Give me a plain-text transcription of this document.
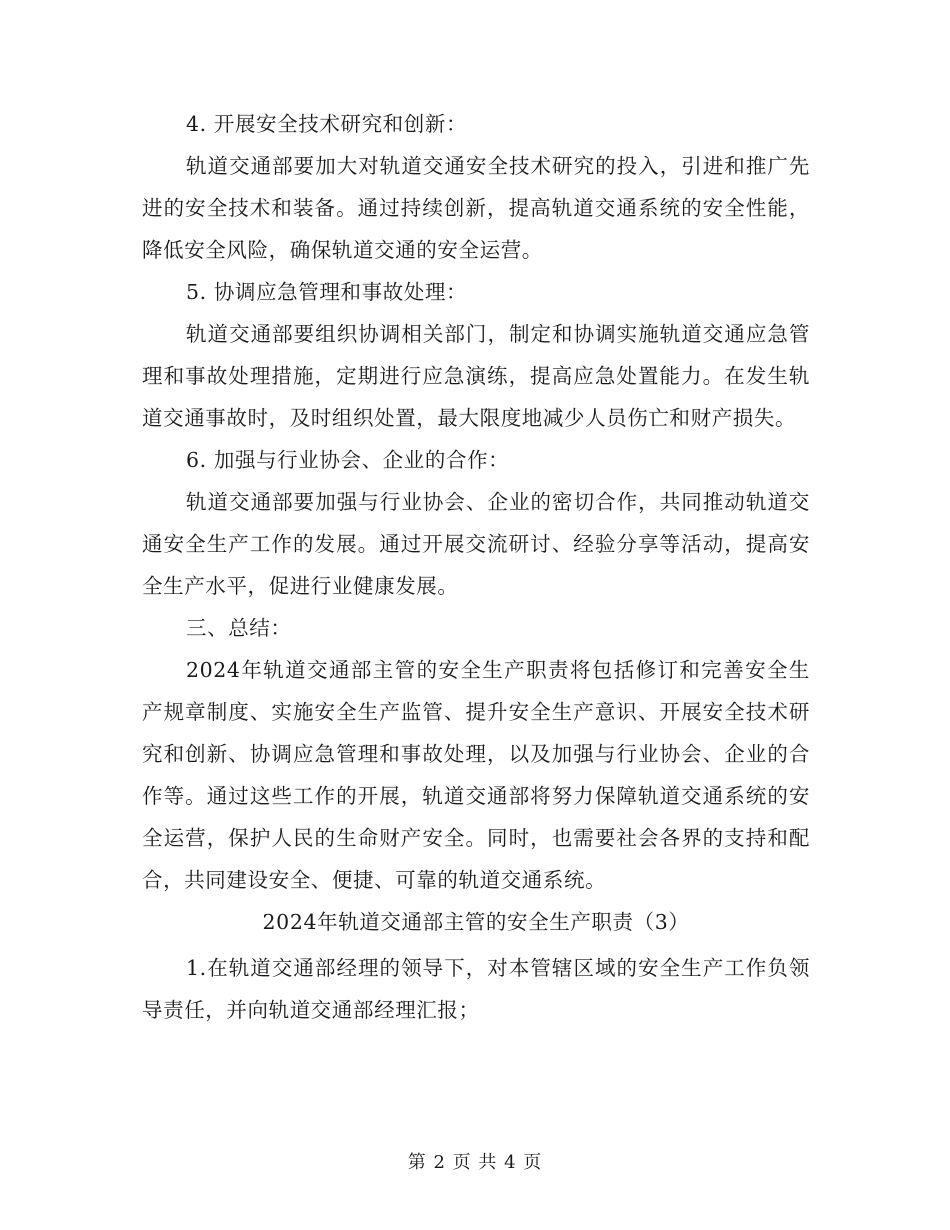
4. 开展安全技术研究和创新：

轨道交通部要加大对轨道交通安全技术研究的投入，引进和推广先进的安全技术和装备。通过持续创新，提高轨道交通系统的安全性能，降低安全风险，确保轨道交通的安全运营。

5. 协调应急管理和事故处理：

轨道交通部要组织协调相关部门，制定和协调实施轨道交通应急管理和事故处理措施，定期进行应急演练，提高应急处置能力。在发生轨道交通事故时，及时组织处置，最大限度地减少人员伤亡和财产损失。

6. 加强与行业协会、企业的合作：

轨道交通部要加强与行业协会、企业的密切合作，共同推动轨道交通安全生产工作的发展。通过开展交流研讨、经验分享等活动，提高安全生产水平，促进行业健康发展。

三、总结：

2024年轨道交通部主管的安全生产职责将包括修订和完善安全生产规章制度、实施安全生产监管、提升安全生产意识、开展安全技术研究和创新、协调应急管理和事故处理，以及加强与行业协会、企业的合作等。通过这些工作的开展，轨道交通部将努力保障轨道交通系统的安全运营，保护人民的生命财产安全。同时，也需要社会各界的支持和配合，共同建设安全、便捷、可靠的轨道交通系统。

2024年轨道交通部主管的安全生产职责（3）

1.在轨道交通部经理的领导下，对本管辖区域的安全生产工作负领导责任，并向轨道交通部经理汇报；

第 2 页 共 4 页
